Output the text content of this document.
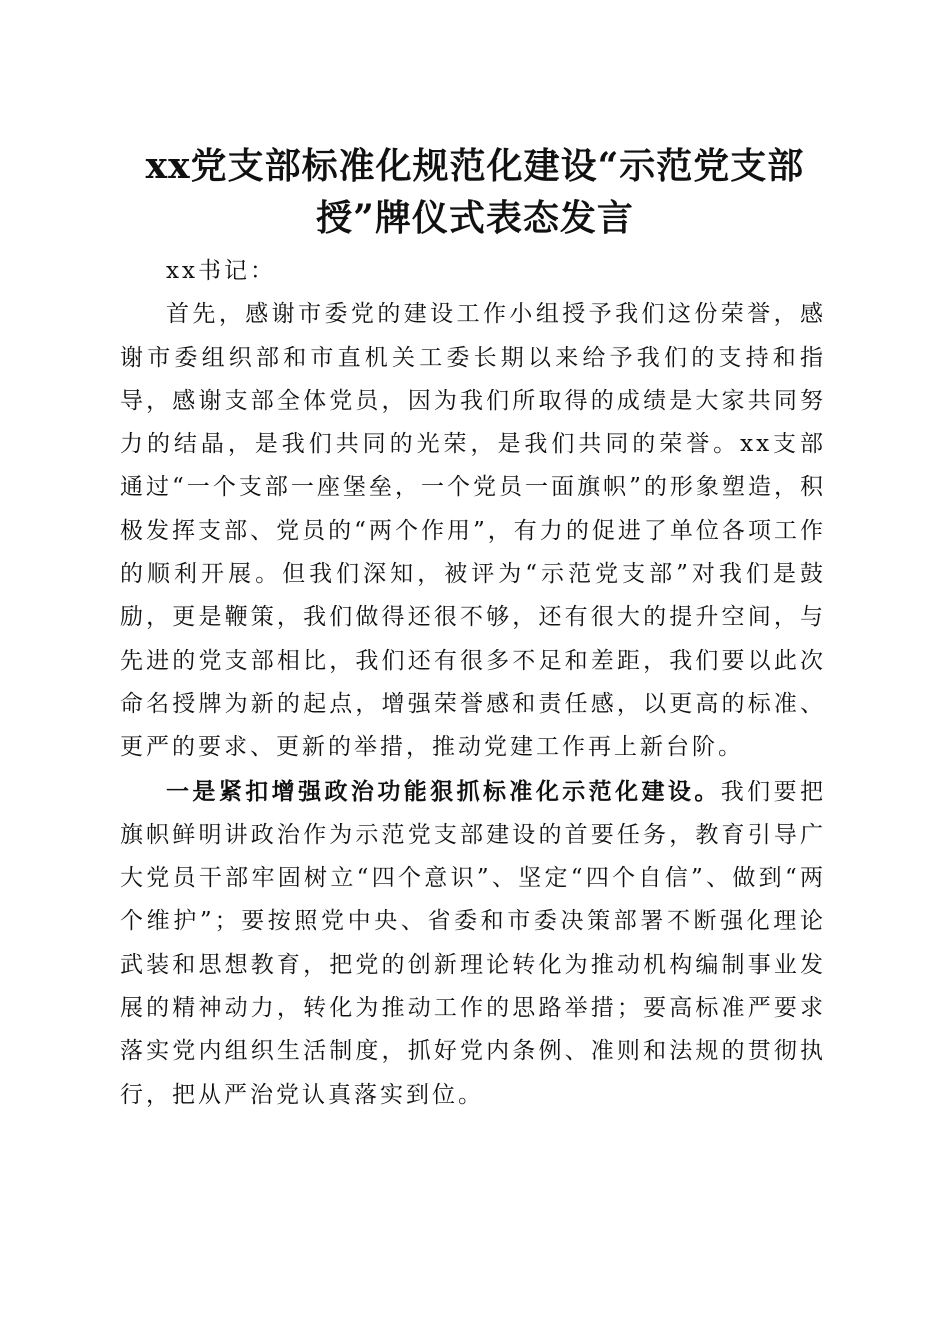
xx党支部标准化规范化建设“示范党支部
授”牌仪式表态发言

xx书记：

首先，感谢市委党的建设工作小组授予我们这份荣誉，感谢市委组织部和市直机关工委长期以来给予我们的支持和指导，感谢支部全体党员，因为我们所取得的成绩是大家共同努力的结晶，是我们共同的光荣，是我们共同的荣誉。xx支部通过“一个支部一座堡垒，一个党员一面旗帜”的形象塑造，积极发挥支部、党员的“两个作用”，有力的促进了单位各项工作的顺利开展。但我们深知，被评为“示范党支部”对我们是鼓励，更是鞭策，我们做得还很不够，还有很大的提升空间，与先进的党支部相比，我们还有很多不足和差距，我们要以此次命名授牌为新的起点，增强荣誉感和责任感，以更高的标准、更严的要求、更新的举措，推动党建工作再上新台阶。

一是紧扣增强政治功能狠抓标准化示范化建设。我们要把旗帜鲜明讲政治作为示范党支部建设的首要任务，教育引导广大党员干部牢固树立“四个意识”、坚定“四个自信”、做到“两个维护”；要按照党中央、省委和市委决策部署不断强化理论武装和思想教育，把党的创新理论转化为推动机构编制事业发展的精神动力，转化为推动工作的思路举措；要高标准严要求落实党内组织生活制度，抓好党内条例、准则和法规的贯彻执行，把从严治党认真落实到位。
